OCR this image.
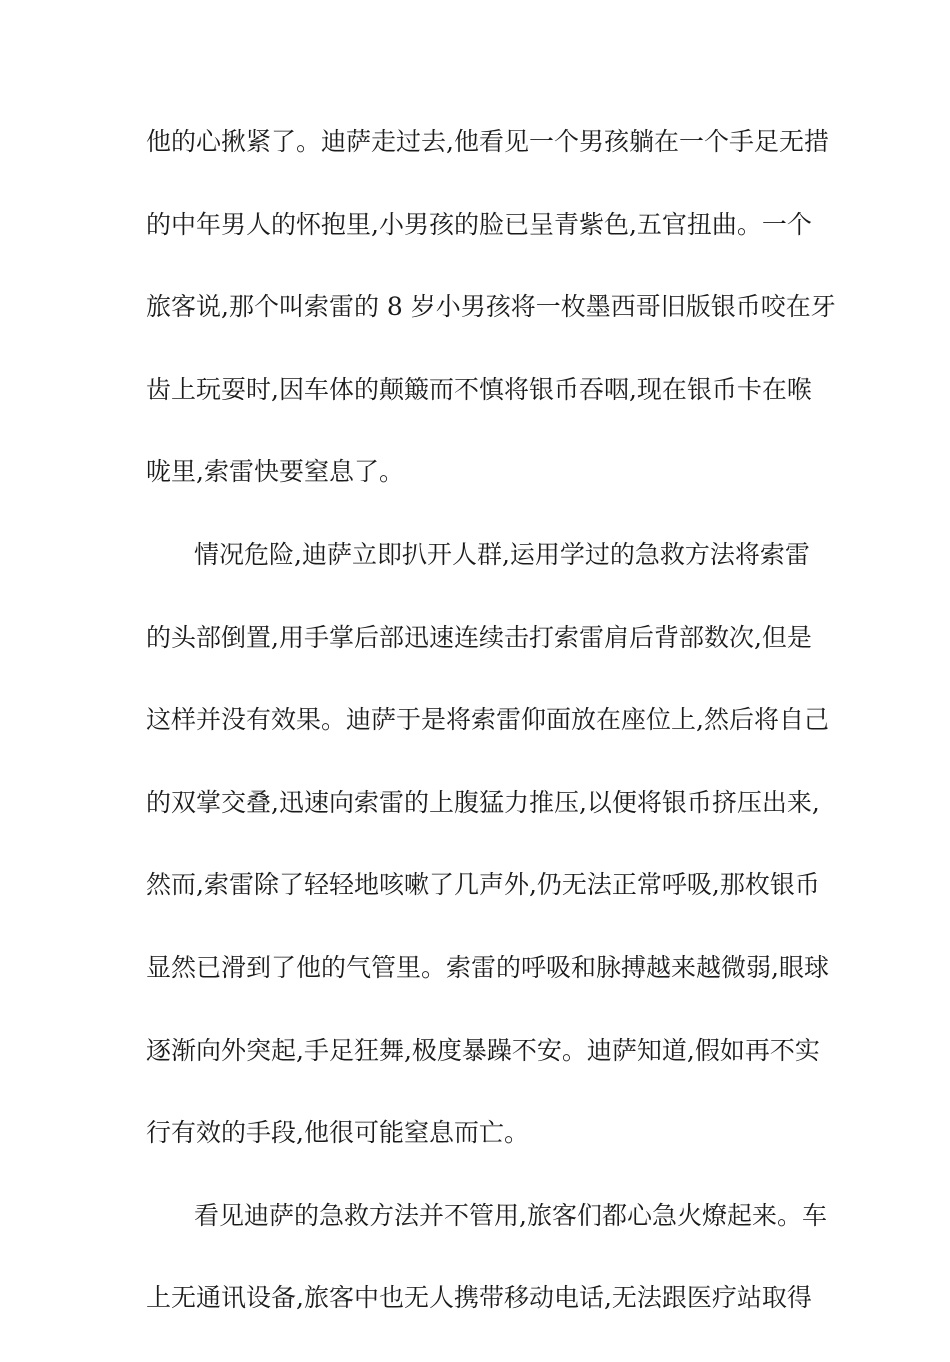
他的心揪紧了。迪萨走过去,他看见一个男孩躺在一个手足无措
的中年男人的怀抱里,小男孩的脸已呈青紫色,五官扭曲。一个
旅客说,那个叫索雷的 8 岁小男孩将一枚墨西哥旧版银币咬在牙
齿上玩耍时,因车体的颠簸而不慎将银币吞咽,现在银币卡在喉
咙里,索雷快要窒息了。
情况危险,迪萨立即扒开人群,运用学过的急救方法将索雷
的头部倒置,用手掌后部迅速连续击打索雷肩后背部数次,但是
这样并没有效果。迪萨于是将索雷仰面放在座位上,然后将自己
的双掌交叠,迅速向索雷的上腹猛力推压,以便将银币挤压出来,
然而,索雷除了轻轻地咳嗽了几声外,仍无法正常呼吸,那枚银币
显然已滑到了他的气管里。索雷的呼吸和脉搏越来越微弱,眼球
逐渐向外突起,手足狂舞,极度暴躁不安。迪萨知道,假如再不实
行有效的手段,他很可能窒息而亡。
看见迪萨的急救方法并不管用,旅客们都心急火燎起来。车
上无通讯设备,旅客中也无人携带移动电话,无法跟医疗站取得
